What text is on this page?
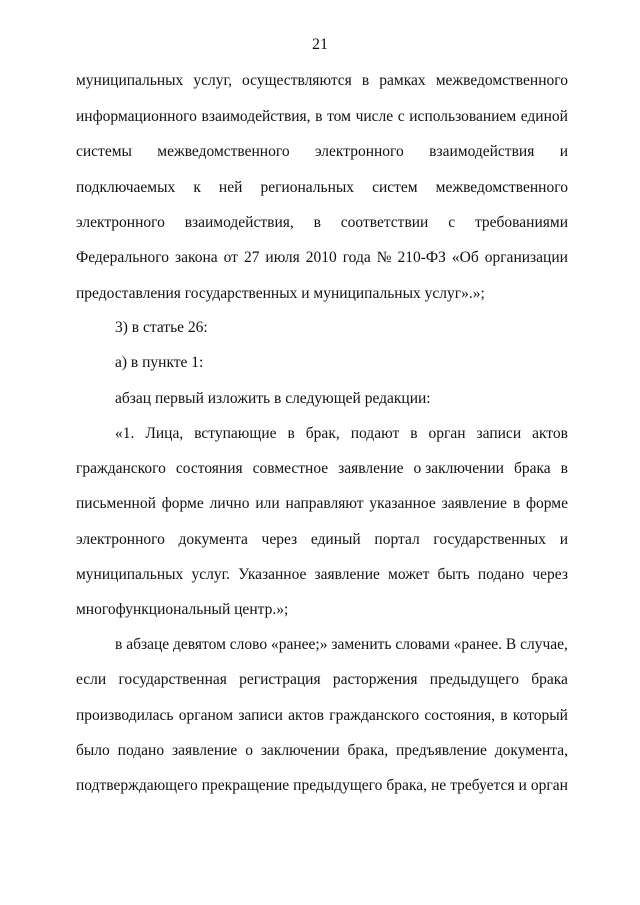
21
муниципальных услуг, осуществляются в рамках межведомственного
информационного взаимодействия, в том числе с использованием единой
системы межведомственного электронного взаимодействия и
подключаемых к ней региональных систем межведомственного
электронного взаимодействия, в соответствии с требованиями
Федерального закона от 27 июля 2010 года № 210-ФЗ «Об организации
предоставления государственных и муниципальных услуг».»;
3) в статье 26:
а) в пункте 1:
абзац первый изложить в следующей редакции:
«1. Лица, вступающие в брак, подают в орган записи актов
гражданского состояния совместное заявление о заключении брака в
письменной форме лично или направляют указанное заявление в форме
электронного документа через единый портал государственных и
муниципальных услуг. Указанное заявление может быть подано через
многофункциональный центр.»;
в абзаце девятом слово «ранее;» заменить словами «ранее. В случае,
если государственная регистрация расторжения предыдущего брака
производилась органом записи актов гражданского состояния, в который
было подано заявление о заключении брака, предъявление документа,
подтверждающего прекращение предыдущего брака, не требуется и орган
